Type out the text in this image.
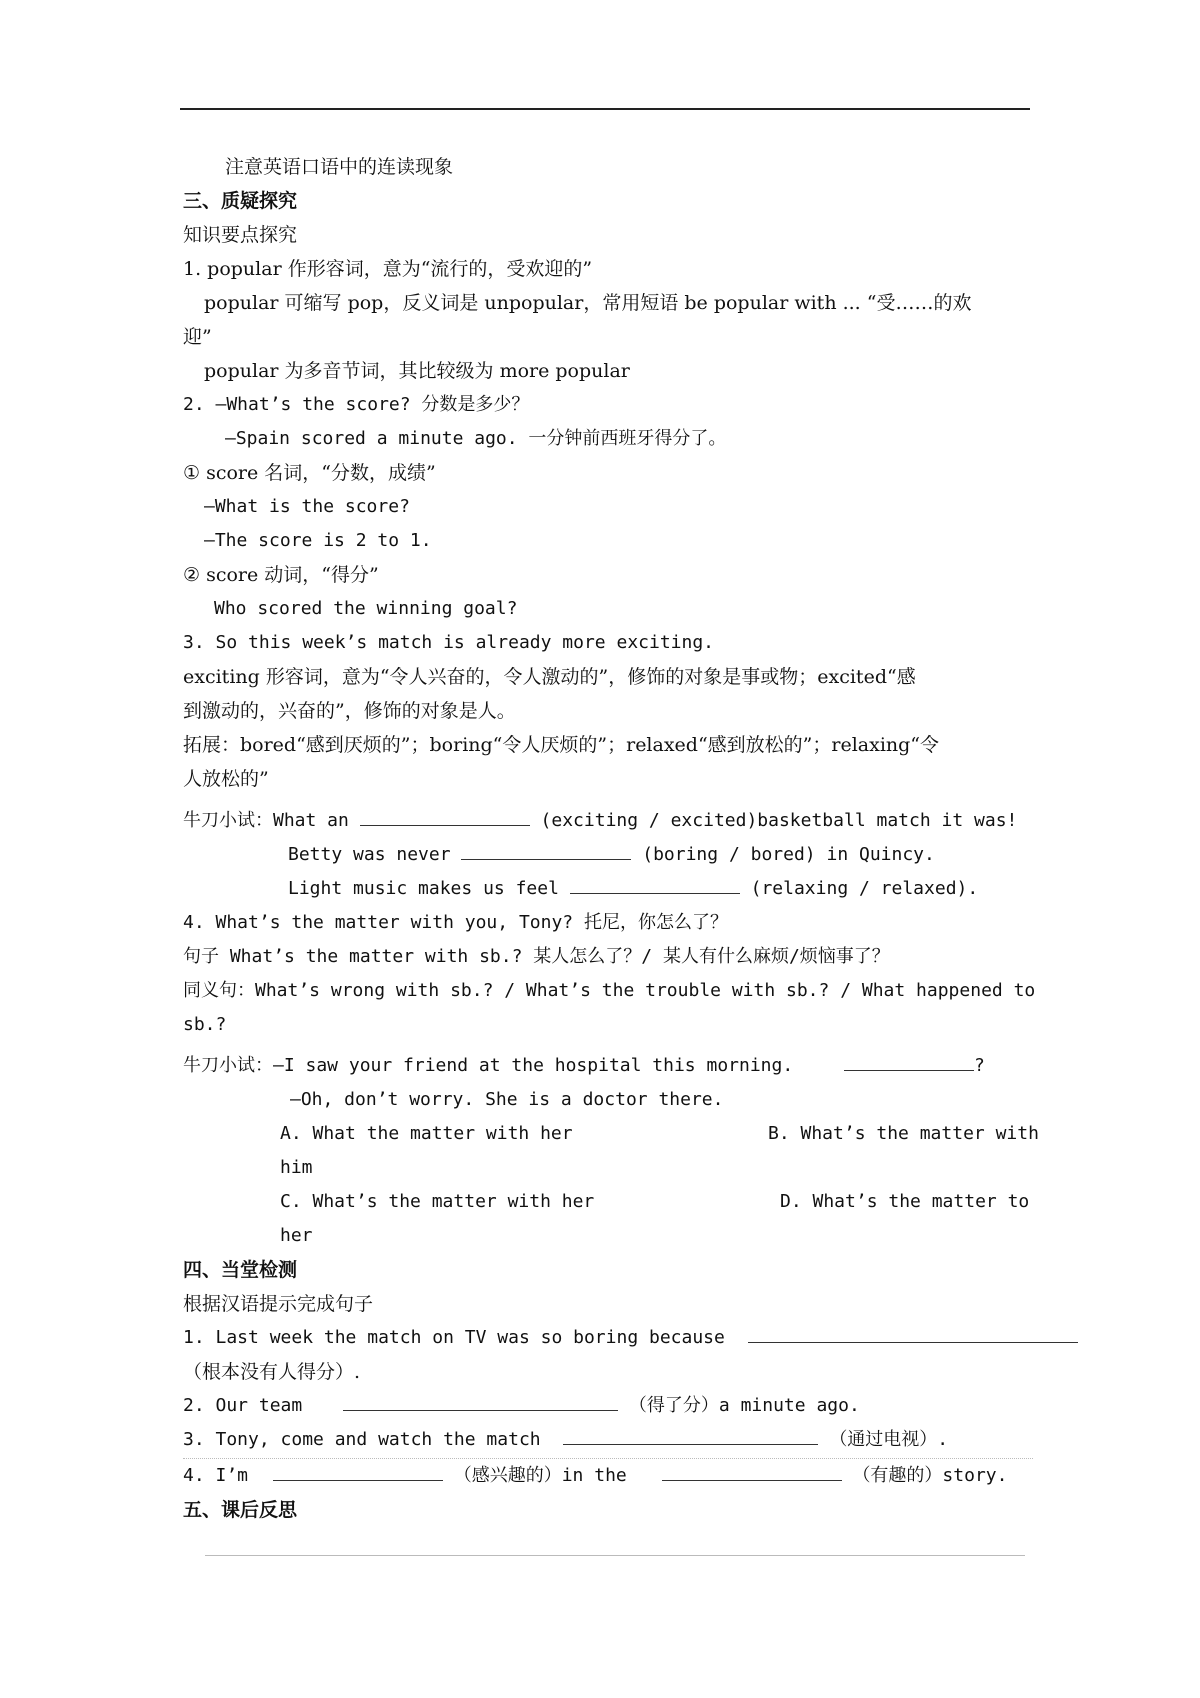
注意英语口语中的连读现象
三、质疑探究
知识要点探究
1. popular 作形容词，意为“流行的，受欢迎的”
popular 可缩写 pop，反义词是 unpopular，常用短语 be popular with ... “受……的欢
迎”
popular 为多音节词，其比较级为 more popular
2. —What’s the score? 分数是多少？
—Spain scored a minute ago. 一分钟前西班牙得分了。
① score 名词，“分数，成绩”
—What is the score?
—The score is 2 to 1.
② score 动词，“得分”
Who scored the winning goal?
3. So this week’s match is already more exciting.
exciting 形容词，意为“令人兴奋的，令人激动的”，修饰的对象是事或物；excited“感
到激动的，兴奋的”，修饰的对象是人。
拓展：bored“感到厌烦的”；boring“令人厌烦的”；relaxed“感到放松的”；relaxing“令
人放松的”
牛刀小试：What an	(exciting / excited)basketball match it was!
Betty was never	(boring / bored) in Quincy.
Light music makes us feel	(relaxing / relaxed).
4. What’s the matter with you, Tony? 托尼，你怎么了？
句子 What’s the matter with sb.? 某人怎么了？/ 某人有什么麻烦/烦恼事了？
同义句：What’s wrong with sb.? / What’s the trouble with sb.? / What happened to
sb.?
牛刀小试：—I saw your friend at the hospital this morning.	?
—Oh, don’t worry. She is a doctor there.
A. What the matter with her	B. What’s the matter with
him
C. What’s the matter with her	D. What’s the matter to
her
四、当堂检测
根据汉语提示完成句子
1. Last week the match on TV was so boring because
（根本没有人得分）.
2. Our team	（得了分）a minute ago.
3. Tony, come and watch the match	（通过电视）.
4. I’m	（感兴趣的）in the	（有趣的）story.
五、课后反思
